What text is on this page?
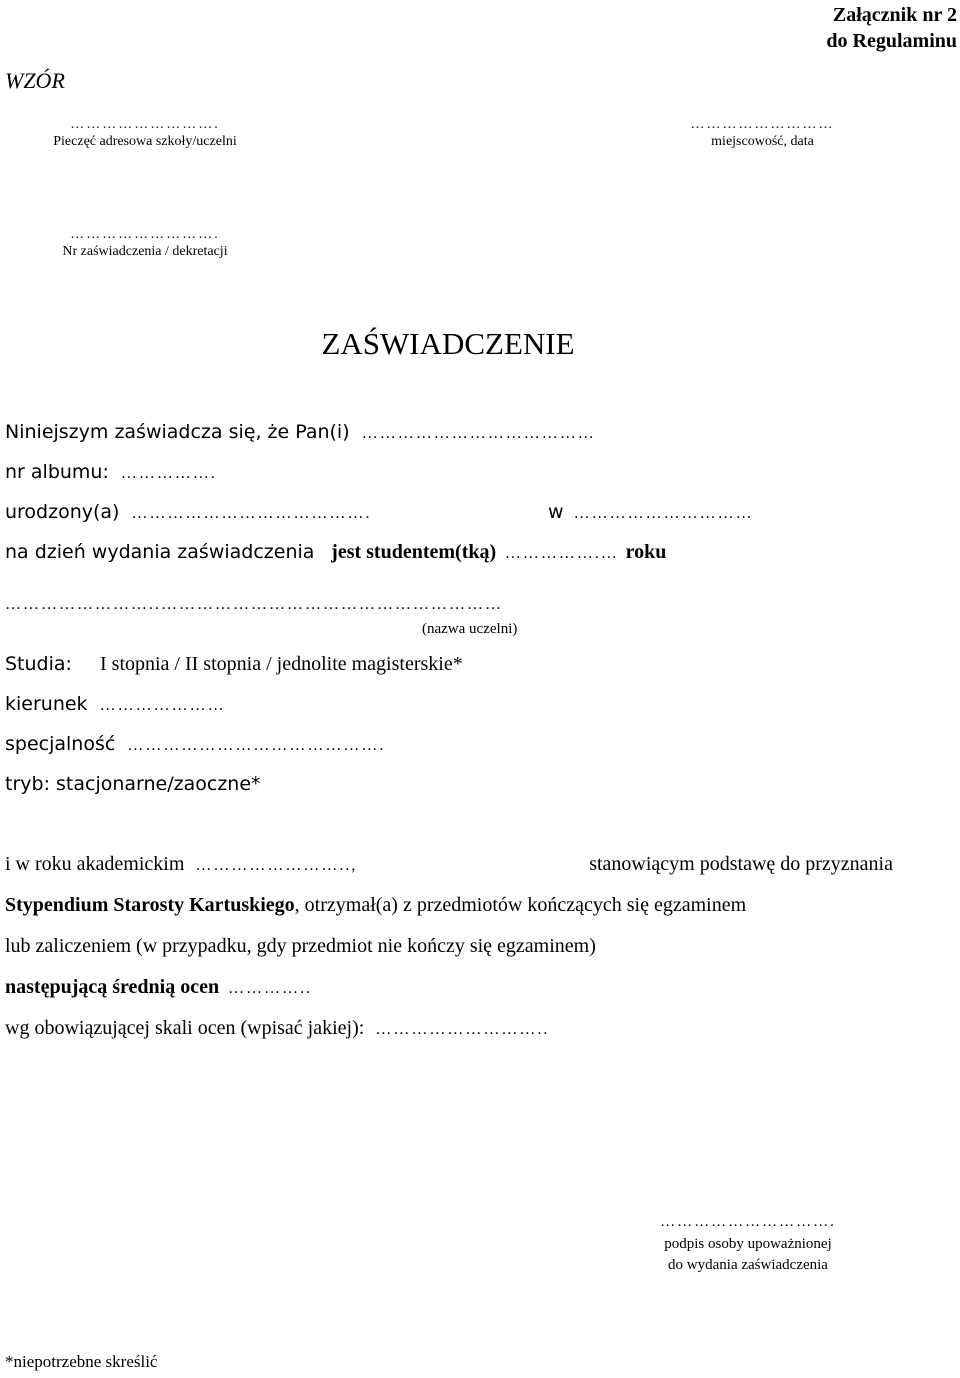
Załącznik nr 2
do Regulaminu
WZÓR
……………………….
Pieczęć adresowa szkoły/uczelni
………………………
miejscowość, data
……………………….
Nr zaświadczenia / dekretacji
ZAŚWIADCZENIE
Niniejszym zaświadcza się, że Pan(i) …………………………………
nr albumu: …………….
urodzony(a) ………………………………….	w …………………………
na dzień wydania zaświadczenia jest studentem(tką) …………….… roku
……………………..…………………………………………………
(nazwa uczelni)
Studia: I stopnia / II stopnia / jednolite magisterskie*
kierunek …………………
specjalność …………………………………….
tryb: stacjonarne/zaoczne*
i w roku akademickim ……………………..,	stanowiącym podstawę do przyznania
Stypendium Starosty Kartuskiego, otrzymał(a) z przedmiotów kończących się egzaminem
lub zaliczeniem (w przypadku, gdy przedmiot nie kończy się egzaminem)
następującą średnią ocen …………..
wg obowiązującej skali ocen (wpisać jakiej): ………………………..
………………………….
podpis osoby upoważnionej
do wydania zaświadczenia
*niepotrzebne skreślić
